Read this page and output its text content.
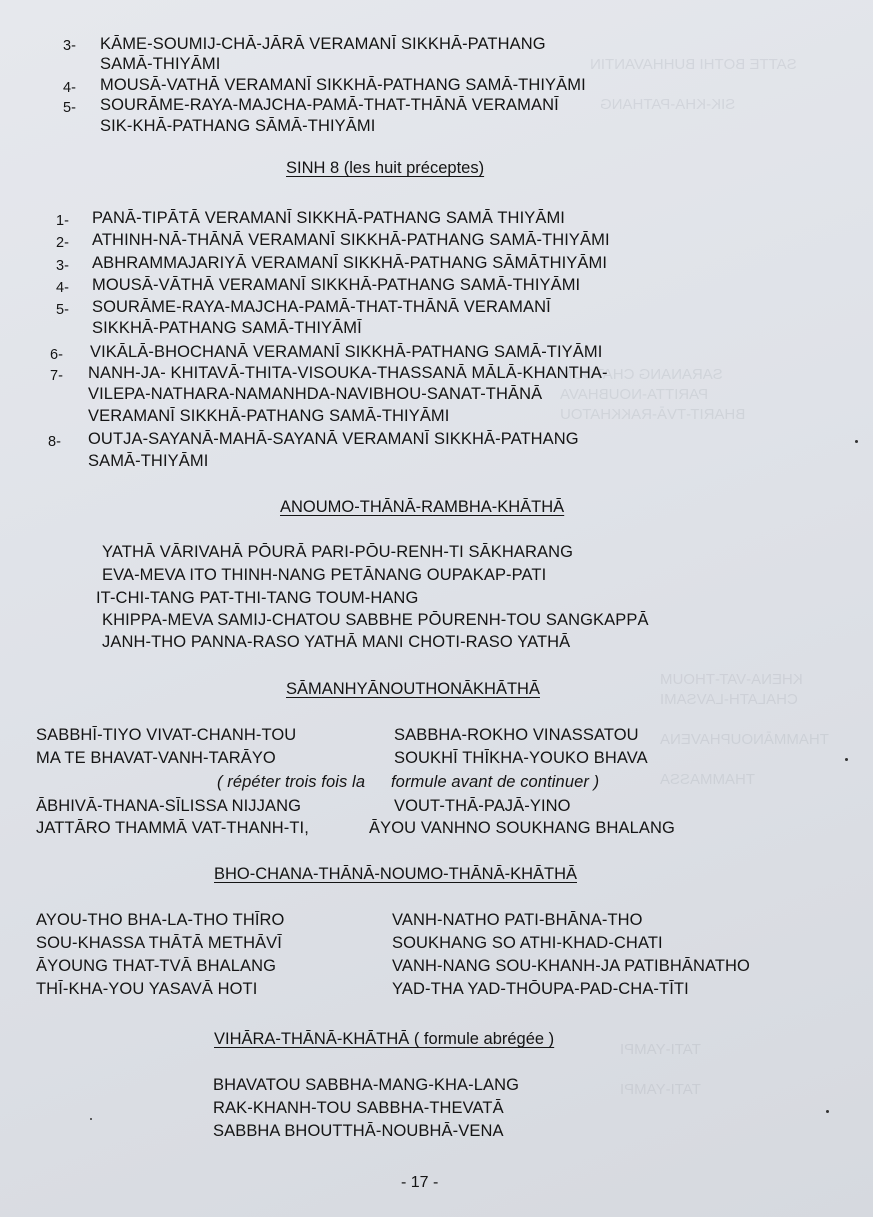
SATTE BOTHI BUHHAVANTIN
SIK-KHA-PATHANG
SARANANG CHATOUM
PARITTA-NOUBHAVA
BHARIT-TVĀ-RAKKHATOU
KHENA-VAT-THOUM
CHALATH-LAVSAMI
THAMMĀNOUPHAVENA
THAMMASSA
TATI-YAMPI
TATI-YAMPI
3- KĀME-SOUMIJ-CHĀ-JĀRĀ VERAMANĪ SIKKHĀ-PATHANG
SAMĀ-THIYĀMI
4- MOUSĀ-VATHĀ VERAMANĪ SIKKHĀ-PATHANG SAMĀ-THIYĀMI
5- SOURĀME-RAYA-MAJCHA-PAMĀ-THAT-THĀNĀ VERAMANĪ
SIK-KHĀ-PATHANG SĀMĀ-THIYĀMI
SINH 8 (les huit préceptes)
1- PANĀ-TIPĀTĀ VERAMANĪ SIKKHĀ-PATHANG SAMĀ THIYĀMI
2- ATHINH-NĀ-THĀNĀ VERAMANĪ SIKKHĀ-PATHANG SAMĀ-THIYĀMI
3- ABHRAMMAJARIYĀ VERAMANĪ SIKKHĀ-PATHANG SĀMĀTHIYĀMI
4- MOUSĀ-VĀTHĀ VERAMANĪ SIKKHĀ-PATHANG SAMĀ-THIYĀMI
5- SOURĀME-RAYA-MAJCHA-PAMĀ-THAT-THĀNĀ VERAMANĪ
SIKKHĀ-PATHANG SAMĀ-THIYĀMĪ
6- VIKĀLĀ-BHOCHANĀ VERAMANĪ SIKKHĀ-PATHANG SAMĀ-TIYĀMI
7- NANH-JA- KHITAVĀ-THITA-VISOUKA-THASSANĀ MĀLĀ-KHANTHA-
VILEPA-NATHARA-NAMANHDA-NAVIBHOU-SANAT-THĀNĀ
VERAMANĪ SIKKHĀ-PATHANG SAMĀ-THIYĀMI
8- OUTJA-SAYANĀ-MAHĀ-SAYANĀ VERAMANĪ SIKKHĀ-PATHANG
SAMĀ-THIYĀMI
ANOUMO-THĀNĀ-RAMBHA-KHĀTHĀ
YATHĀ VĀRIVAHĀ PŌURĀ PARI-PŌU-RENH-TI SĀKHARANG
EVA-MEVA ITO THINH-NANG PETĀNANG OUPAKAP-PATI
IT-CHI-TANG PAT-THI-TANG TOUM-HANG
KHIPPA-MEVA SAMIJ-CHATOU SABBHE PŌURENH-TOU SANGKAPPĀ
JANH-THO PANNA-RASO YATHĀ MANI CHOTI-RASO YATHĀ
SĀMANHYĀNOUTHONĀKHĀTHĀ
SABBHĪ-TIYO VIVAT-CHANH-TOU	SABBHA-ROKHO VINASSATOU
MA TE BHAVAT-VANH-TARĀYO	SOUKHĪ THĪKHA-YOUKO BHAVA
( répéter trois fois la formule avant de continuer )
ĀBHIVĀ-THANA-SĪLISSA NIJJANG	VOUT-THĀ-PAJĀ-YINO
JATTĀRO THAMMĀ VAT-THANH-TI,	ĀYOU VANHNO SOUKHANG BHALANG
BHO-CHANA-THĀNĀ-NOUMO-THĀNĀ-KHĀTHĀ
AYOU-THO BHA-LA-THO THĪRO	VANH-NATHO PATI-BHĀNA-THO
SOU-KHASSA THĀTĀ METHĀVĪ	SOUKHANG SO ATHI-KHAD-CHATI
ĀYOUNG THAT-TVĀ BHALANG	VANH-NANG SOU-KHANH-JA PATIBHĀNATHO
THĪ-KHA-YOU YASAVĀ HOTI	YAD-THA YAD-THŌUPA-PAD-CHA-TĪTI
VIHĀRA-THĀNĀ-KHĀTHĀ ( formule abrégée )
BHAVATOU SABBHA-MANG-KHA-LANG
RAK-KHANH-TOU SABBHA-THEVATĀ
SABBHA BHOUTTHĀ-NOUBHĀ-VENA
- 17 -
